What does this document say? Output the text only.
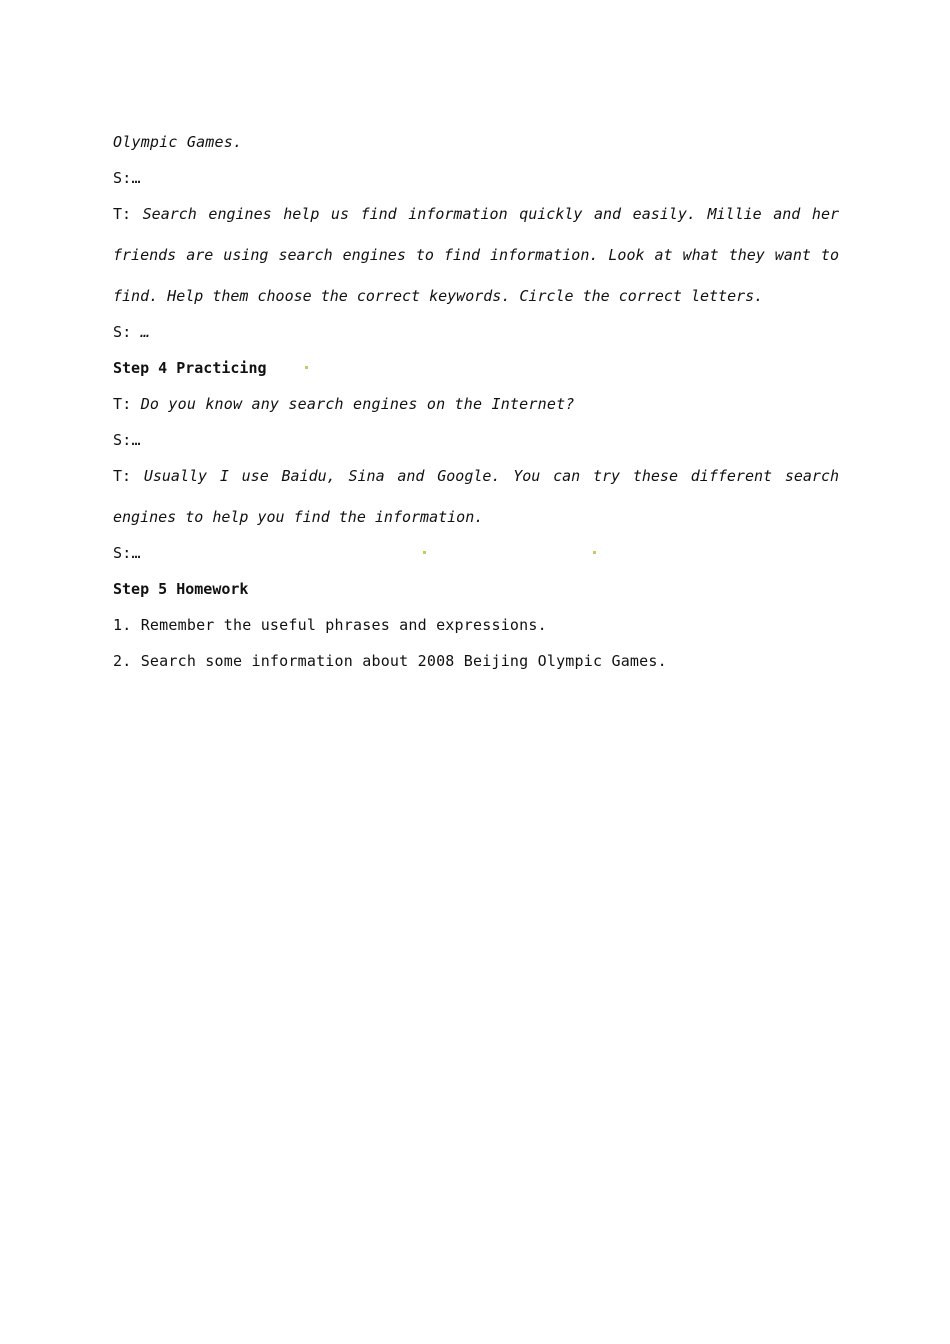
Olympic Games.
S:…
T: Search engines help us find information quickly and easily. Millie and her friends are using search engines to find information. Look at what they want to find. Help them choose the correct keywords. Circle the correct letters.
S: …
Step 4 Practicing
T: Do you know any search engines on the Internet?
S:…
T: Usually I use Baidu, Sina and Google. You can try these different search engines to help you find the information.
S:…
Step 5 Homework
1. Remember the useful phrases and expressions.
2. Search some information about 2008 Beijing Olympic Games.
